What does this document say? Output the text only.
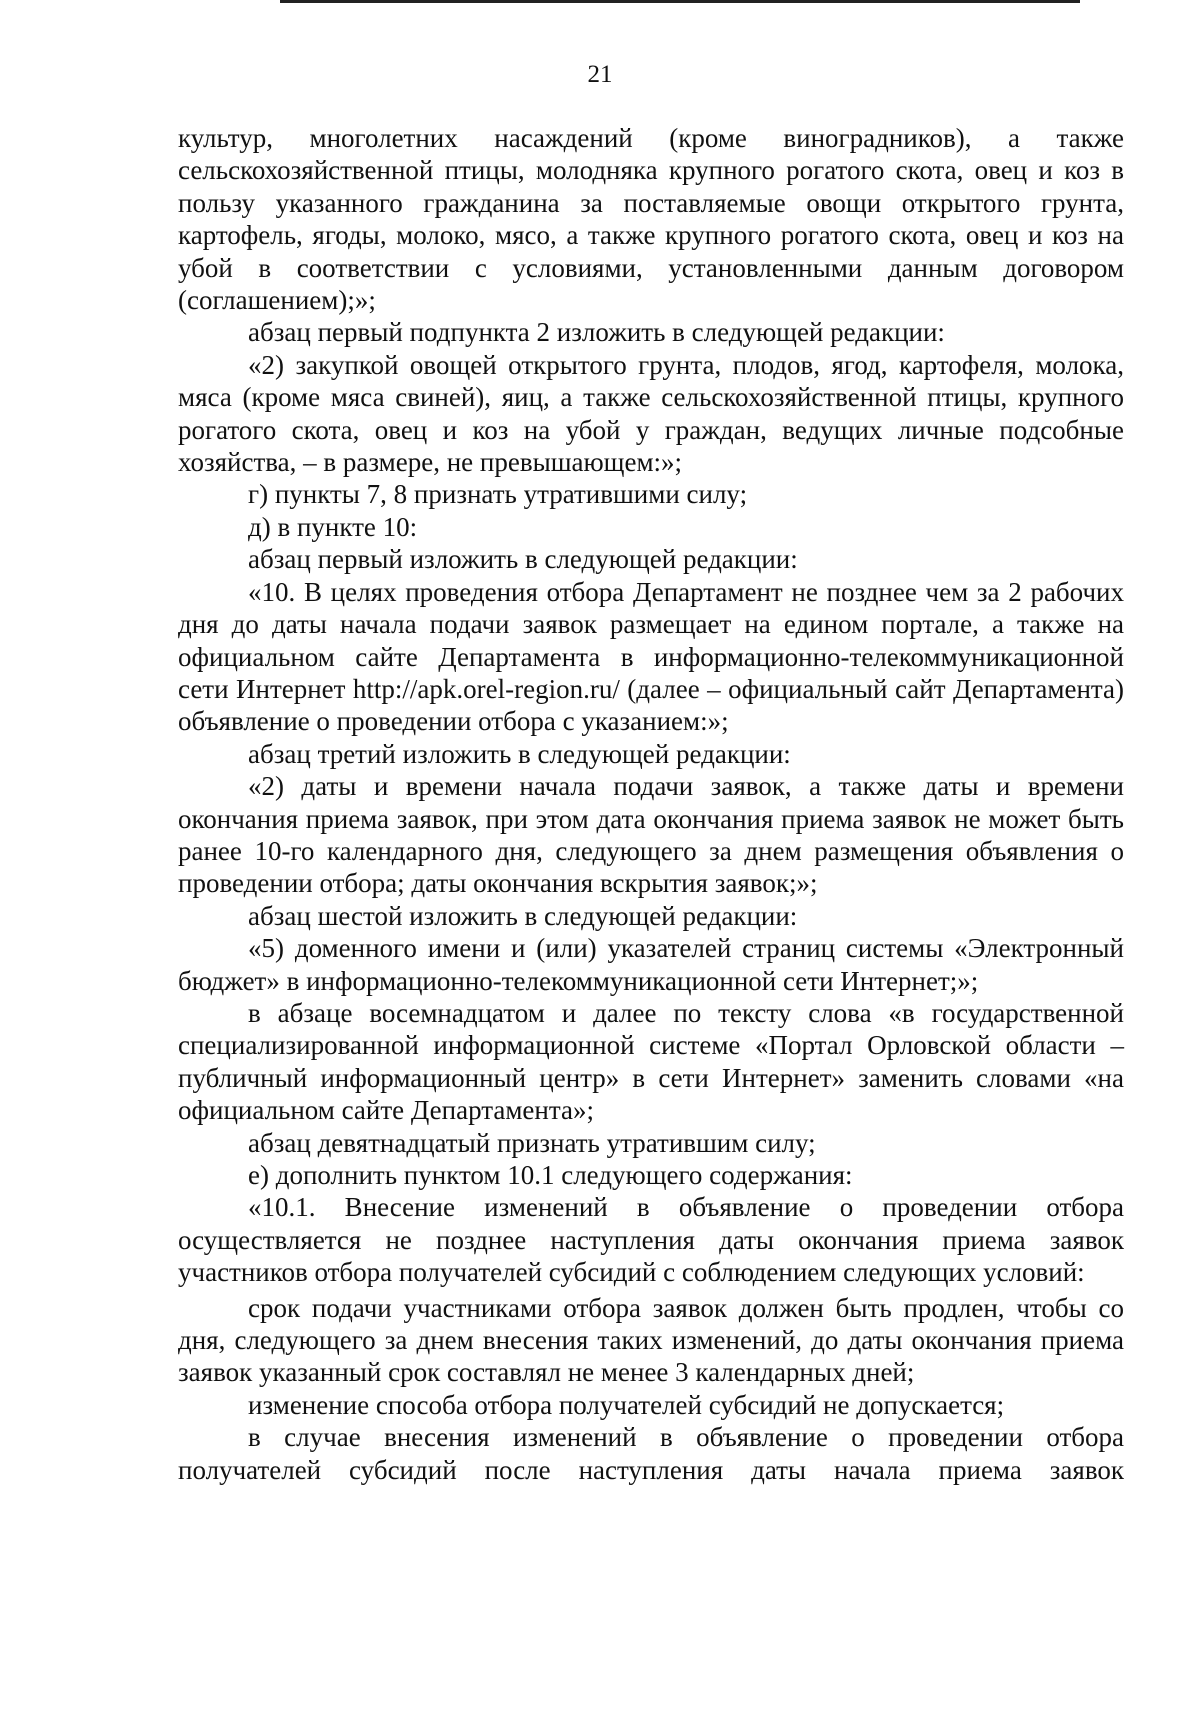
21

культур, многолетних насаждений (кроме виноградников), а также сельскохозяйственной птицы, молодняка крупного рогатого скота, овец и коз в пользу указанного гражданина за поставляемые овощи открытого грунта, картофель, ягоды, молоко, мясо, а также крупного рогатого скота, овец и коз на убой в соответствии с условиями, установленными данным договором (соглашением);»;

абзац первый подпункта 2 изложить в следующей редакции:

«2) закупкой овощей открытого грунта, плодов, ягод, картофеля, молока, мяса (кроме мяса свиней), яиц, а также сельскохозяйственной птицы, крупного рогатого скота, овец и коз на убой у граждан, ведущих личные подсобные хозяйства, – в размере, не превышающем:»;

г) пункты 7, 8 признать утратившими силу;

д) в пункте 10:

абзац первый изложить в следующей редакции:

«10. В целях проведения отбора Департамент не позднее чем за 2 рабочих дня до даты начала подачи заявок размещает на едином портале, а также на официальном сайте Департамента в информационно-телекоммуникационной сети Интернет http://apk.orel-region.ru/ (далее – официальный сайт Департамента) объявление о проведении отбора с указанием:»;

абзац третий изложить в следующей редакции:

«2) даты и времени начала подачи заявок, а также даты и времени окончания приема заявок, при этом дата окончания приема заявок не может быть ранее 10-го календарного дня, следующего за днем размещения объявления о проведении отбора; даты окончания вскрытия заявок;»;

абзац шестой изложить в следующей редакции:

«5) доменного имени и (или) указателей страниц системы «Электронный бюджет» в информационно-телекоммуникационной сети Интернет;»;

в абзаце восемнадцатом и далее по тексту слова «в государственной специализированной информационной системе «Портал Орловской области – публичный информационный центр» в сети Интернет» заменить словами «на официальном сайте Департамента»;

абзац девятнадцатый признать утратившим силу;

е) дополнить пунктом 10.1 следующего содержания:

«10.1. Внесение изменений в объявление о проведении отбора осуществляется не позднее наступления даты окончания приема заявок участников отбора получателей субсидий с соблюдением следующих условий:

срок подачи участниками отбора заявок должен быть продлен, чтобы со дня, следующего за днем внесения таких изменений, до даты окончания приема заявок указанный срок составлял не менее 3 календарных дней;

изменение способа отбора получателей субсидий не допускается;

в случае внесения изменений в объявление о проведении отбора получателей субсидий после наступления даты начала приема заявок
